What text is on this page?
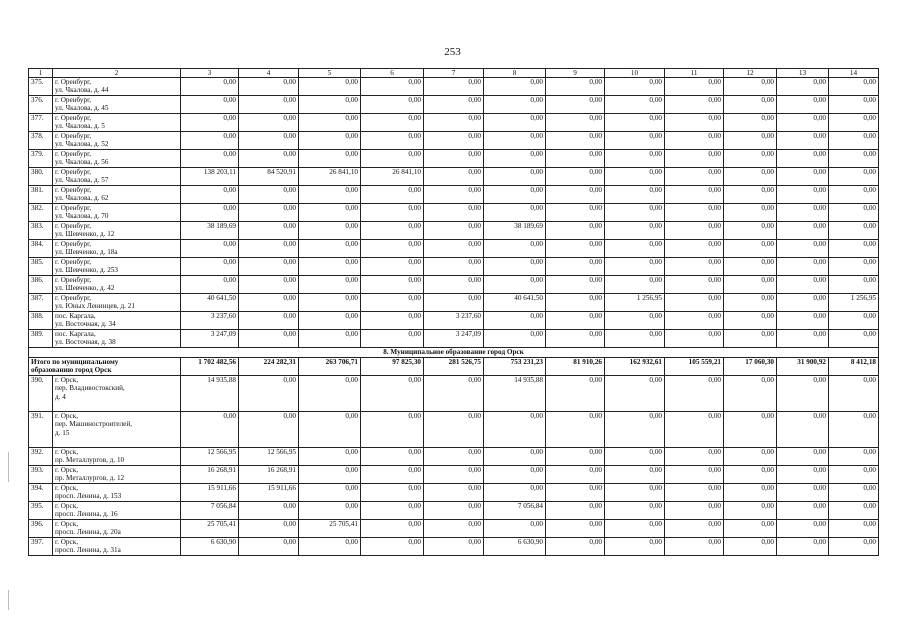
253
1	2	3	4	5	6	7	8	9	10	11	12	13	14
375.	г. Оренбург,
ул. Чкалова, д. 44	0,00	0,00	0,00	0,00	0,00	0,00	0,00	0,00	0,00	0,00	0,00	0,00
376.	г. Оренбург,
ул. Чкалова, д. 45	0,00	0,00	0,00	0,00	0,00	0,00	0,00	0,00	0,00	0,00	0,00	0,00
377.	г. Оренбург,
ул. Чкалова, д. 5	0,00	0,00	0,00	0,00	0,00	0,00	0,00	0,00	0,00	0,00	0,00	0,00
378.	г. Оренбург,
ул. Чкалова, д. 52	0,00	0,00	0,00	0,00	0,00	0,00	0,00	0,00	0,00	0,00	0,00	0,00
379.	г. Оренбург,
ул. Чкалова, д. 56	0,00	0,00	0,00	0,00	0,00	0,00	0,00	0,00	0,00	0,00	0,00	0,00
380.	г. Оренбург,
ул. Чкалова, д. 57	138 203,11	84 520,91	26 841,10	26 841,10	0,00	0,00	0,00	0,00	0,00	0,00	0,00	0,00
381.	г. Оренбург,
ул. Чкалова, д. 62	0,00	0,00	0,00	0,00	0,00	0,00	0,00	0,00	0,00	0,00	0,00	0,00
382.	г. Оренбург,
ул. Чкалова, д. 70	0,00	0,00	0,00	0,00	0,00	0,00	0,00	0,00	0,00	0,00	0,00	0,00
383.	г. Оренбург,
ул. Шевченко, д. 12	38 189,69	0,00	0,00	0,00	0,00	38 189,69	0,00	0,00	0,00	0,00	0,00	0,00
384.	г. Оренбург,
ул. Шевченко, д. 18а	0,00	0,00	0,00	0,00	0,00	0,00	0,00	0,00	0,00	0,00	0,00	0,00
385.	г. Оренбург,
ул. Шевченко, д. 253	0,00	0,00	0,00	0,00	0,00	0,00	0,00	0,00	0,00	0,00	0,00	0,00
386.	г. Оренбург,
ул. Шевченко, д. 42	0,00	0,00	0,00	0,00	0,00	0,00	0,00	0,00	0,00	0,00	0,00	0,00
387.	г. Оренбург,
ул. Юных Ленинцев, д. 21	40 641,50	0,00	0,00	0,00	0,00	40 641,50	0,00	1 256,95	0,00	0,00	0,00	1 256,95
388.	пос. Каргала,
ул. Восточная, д. 34	3 237,60	0,00	0,00	0,00	3 237,60	0,00	0,00	0,00	0,00	0,00	0,00	0,00
389.	пос. Каргала,
ул. Восточная, д. 38	3 247,09	0,00	0,00	0,00	3 247,09	0,00	0,00	0,00	0,00	0,00	0,00	0,00
8. Муниципальное образование город Орск													

Итого по муниципальному
образованию город Орск		1 702 482,56	224 282,31	263 706,71	97 825,30	281 526,75	753 231,23	81 910,26	162 932,61	105 559,21	17 060,30	31 900,92	8 412,18
390.	г. Орск,
пер. Владивостокский,
д. 4	14 935,88	0,00	0,00	0,00	0,00	14 935,88	0,00	0,00	0,00	0,00	0,00	0,00
391.	г. Орск,
пер. Машиностроителей,
д. 15	0,00	0,00	0,00	0,00	0,00	0,00	0,00	0,00	0,00	0,00	0,00	0,00
392.	г. Орск,
пр. Металлургов, д. 10	12 566,95	12 566,95	0,00	0,00	0,00	0,00	0,00	0,00	0,00	0,00	0,00	0,00
393.	г. Орск,
пр. Металлургов, д. 12	16 268,91	16 268,91	0,00	0,00	0,00	0,00	0,00	0,00	0,00	0,00	0,00	0,00
394.	г. Орск,
просп. Ленина, д. 153	15 911,66	15 911,66	0,00	0,00	0,00	0,00	0,00	0,00	0,00	0,00	0,00	0,00
395.	г. Орск,
просп. Ленина, д. 16	7 056,84	0,00	0,00	0,00	0,00	7 056,84	0,00	0,00	0,00	0,00	0,00	0,00
396.	г. Орск,
просп. Ленина, д. 20а	25 705,41	0,00	25 705,41	0,00	0,00	0,00	0,00	0,00	0,00	0,00	0,00	0,00
397.	г. Орск,
просп. Ленина, д. 31а	6 630,90	0,00	0,00	0,00	0,00	6 630,90	0,00	0,00	0,00	0,00	0,00	0,00
